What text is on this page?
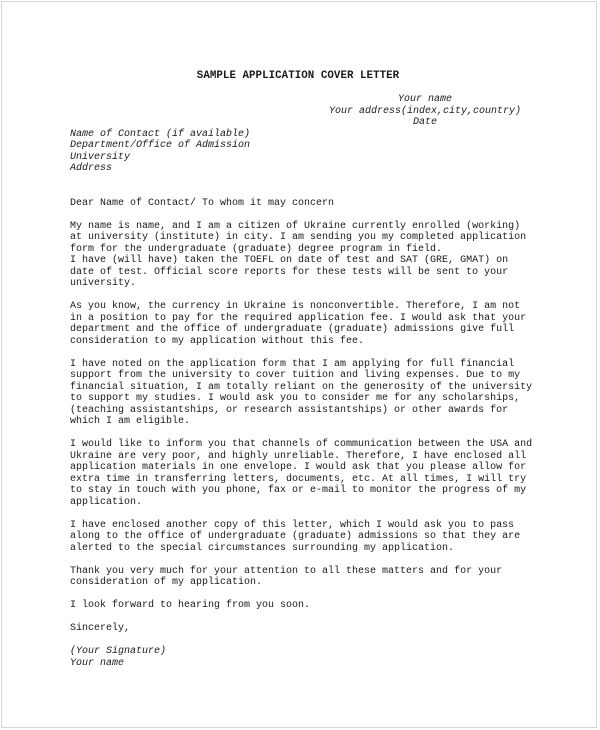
SAMPLE APPLICATION COVER LETTER
Your name
Your address(index,city,country)
Date
Name of Contact (if available)
Department/Office of Admission
University
Address
Dear Name of Contact/ To whom it may concern
My name is name, and I am a citizen of Ukraine currently enrolled (working)
at university (institute) in city. I am sending you my completed application
form for the undergraduate (graduate) degree program in field.
I have (will have) taken the TOEFL on date of test and SAT (GRE, GMAT) on
date of test. Official score reports for these tests will be sent to your
university.
As you know, the currency in Ukraine is nonconvertible. Therefore, I am not
in a position to pay for the required application fee. I would ask that your
department and the office of undergraduate (graduate) admissions give full
consideration to my application without this fee.
I have noted on the application form that I am applying for full financial
support from the university to cover tuition and living expenses. Due to my
financial situation, I am totally reliant on the generosity of the university
to support my studies. I would ask you to consider me for any scholarships,
(teaching assistantships, or research assistantships) or other awards for
which I am eligible.
I would like to inform you that channels of communication between the USA and
Ukraine are very poor, and highly unreliable. Therefore, I have enclosed all
application materials in one envelope. I would ask that you please allow for
extra time in transferring letters, documents, etc. At all times, I will try
to stay in touch with you phone, fax or e-mail to monitor the progress of my
application.
I have enclosed another copy of this letter, which I would ask you to pass
along to the office of undergraduate (graduate) admissions so that they are
alerted to the special circumstances surrounding my application.
Thank you very much for your attention to all these matters and for your
consideration of my application.
I look forward to hearing from you soon.
Sincerely,
(Your Signature)
Your name
